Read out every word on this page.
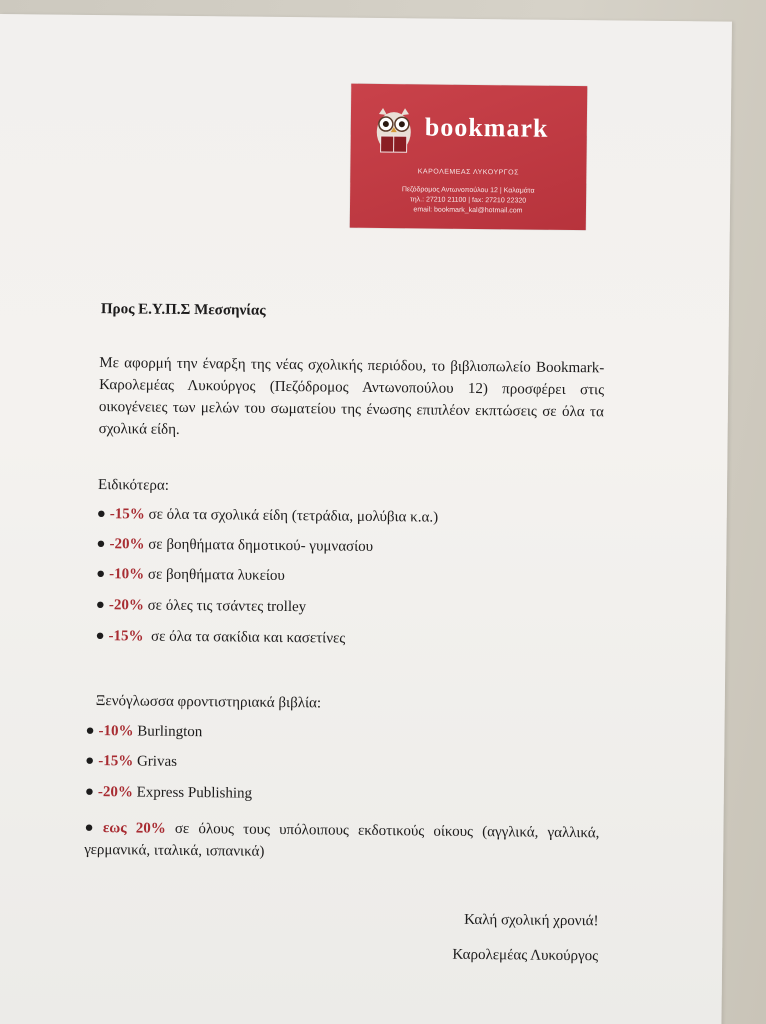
bookmark
ΚΑΡΟΛΕΜΕΑΣ ΛΥΚΟΥΡΓΟΣ
Πεζόδρομος Αντωνοπούλου 12 | Καλαμάτα
τηλ.: 27210 21100 | fax: 27210 22320
email: bookmark_kal@hotmail.com
Προς Ε.Υ.Π.Σ Μεσσηνίας
Με αφορμή την έναρξη της νέας σχολικής περιόδου, το βιβλιοπωλείο Bookmark- Καρολεμέας Λυκούργος (Πεζόδρομος Αντωνοπούλου 12) προσφέρει στις οικογένειες των μελών του σωματείου της ένωσης επιπλέον εκπτώσεις σε όλα τα σχολικά είδη.
Ειδικότερα:
● -15% σε όλα τα σχολικά είδη (τετράδια, μολύβια κ.α.)
● -20% σε βοηθήματα δημοτικού- γυμνασίου
● -10% σε βοηθήματα λυκείου
● -20% σε όλες τις τσάντες trolley
● -15%  σε όλα τα σακίδια και κασετίνες
Ξενόγλωσσα φροντιστηριακά βιβλία:
● -10% Burlington
● -15% Grivas
● -20% Express Publishing
● εως 20% σε όλους τους υπόλοιπους εκδοτικούς οίκους (αγγλικά, γαλλικά, γερμανικά, ιταλικά, ισπανικά)
Καλή σχολική χρονιά!
Καρολεμέας Λυκούργος
